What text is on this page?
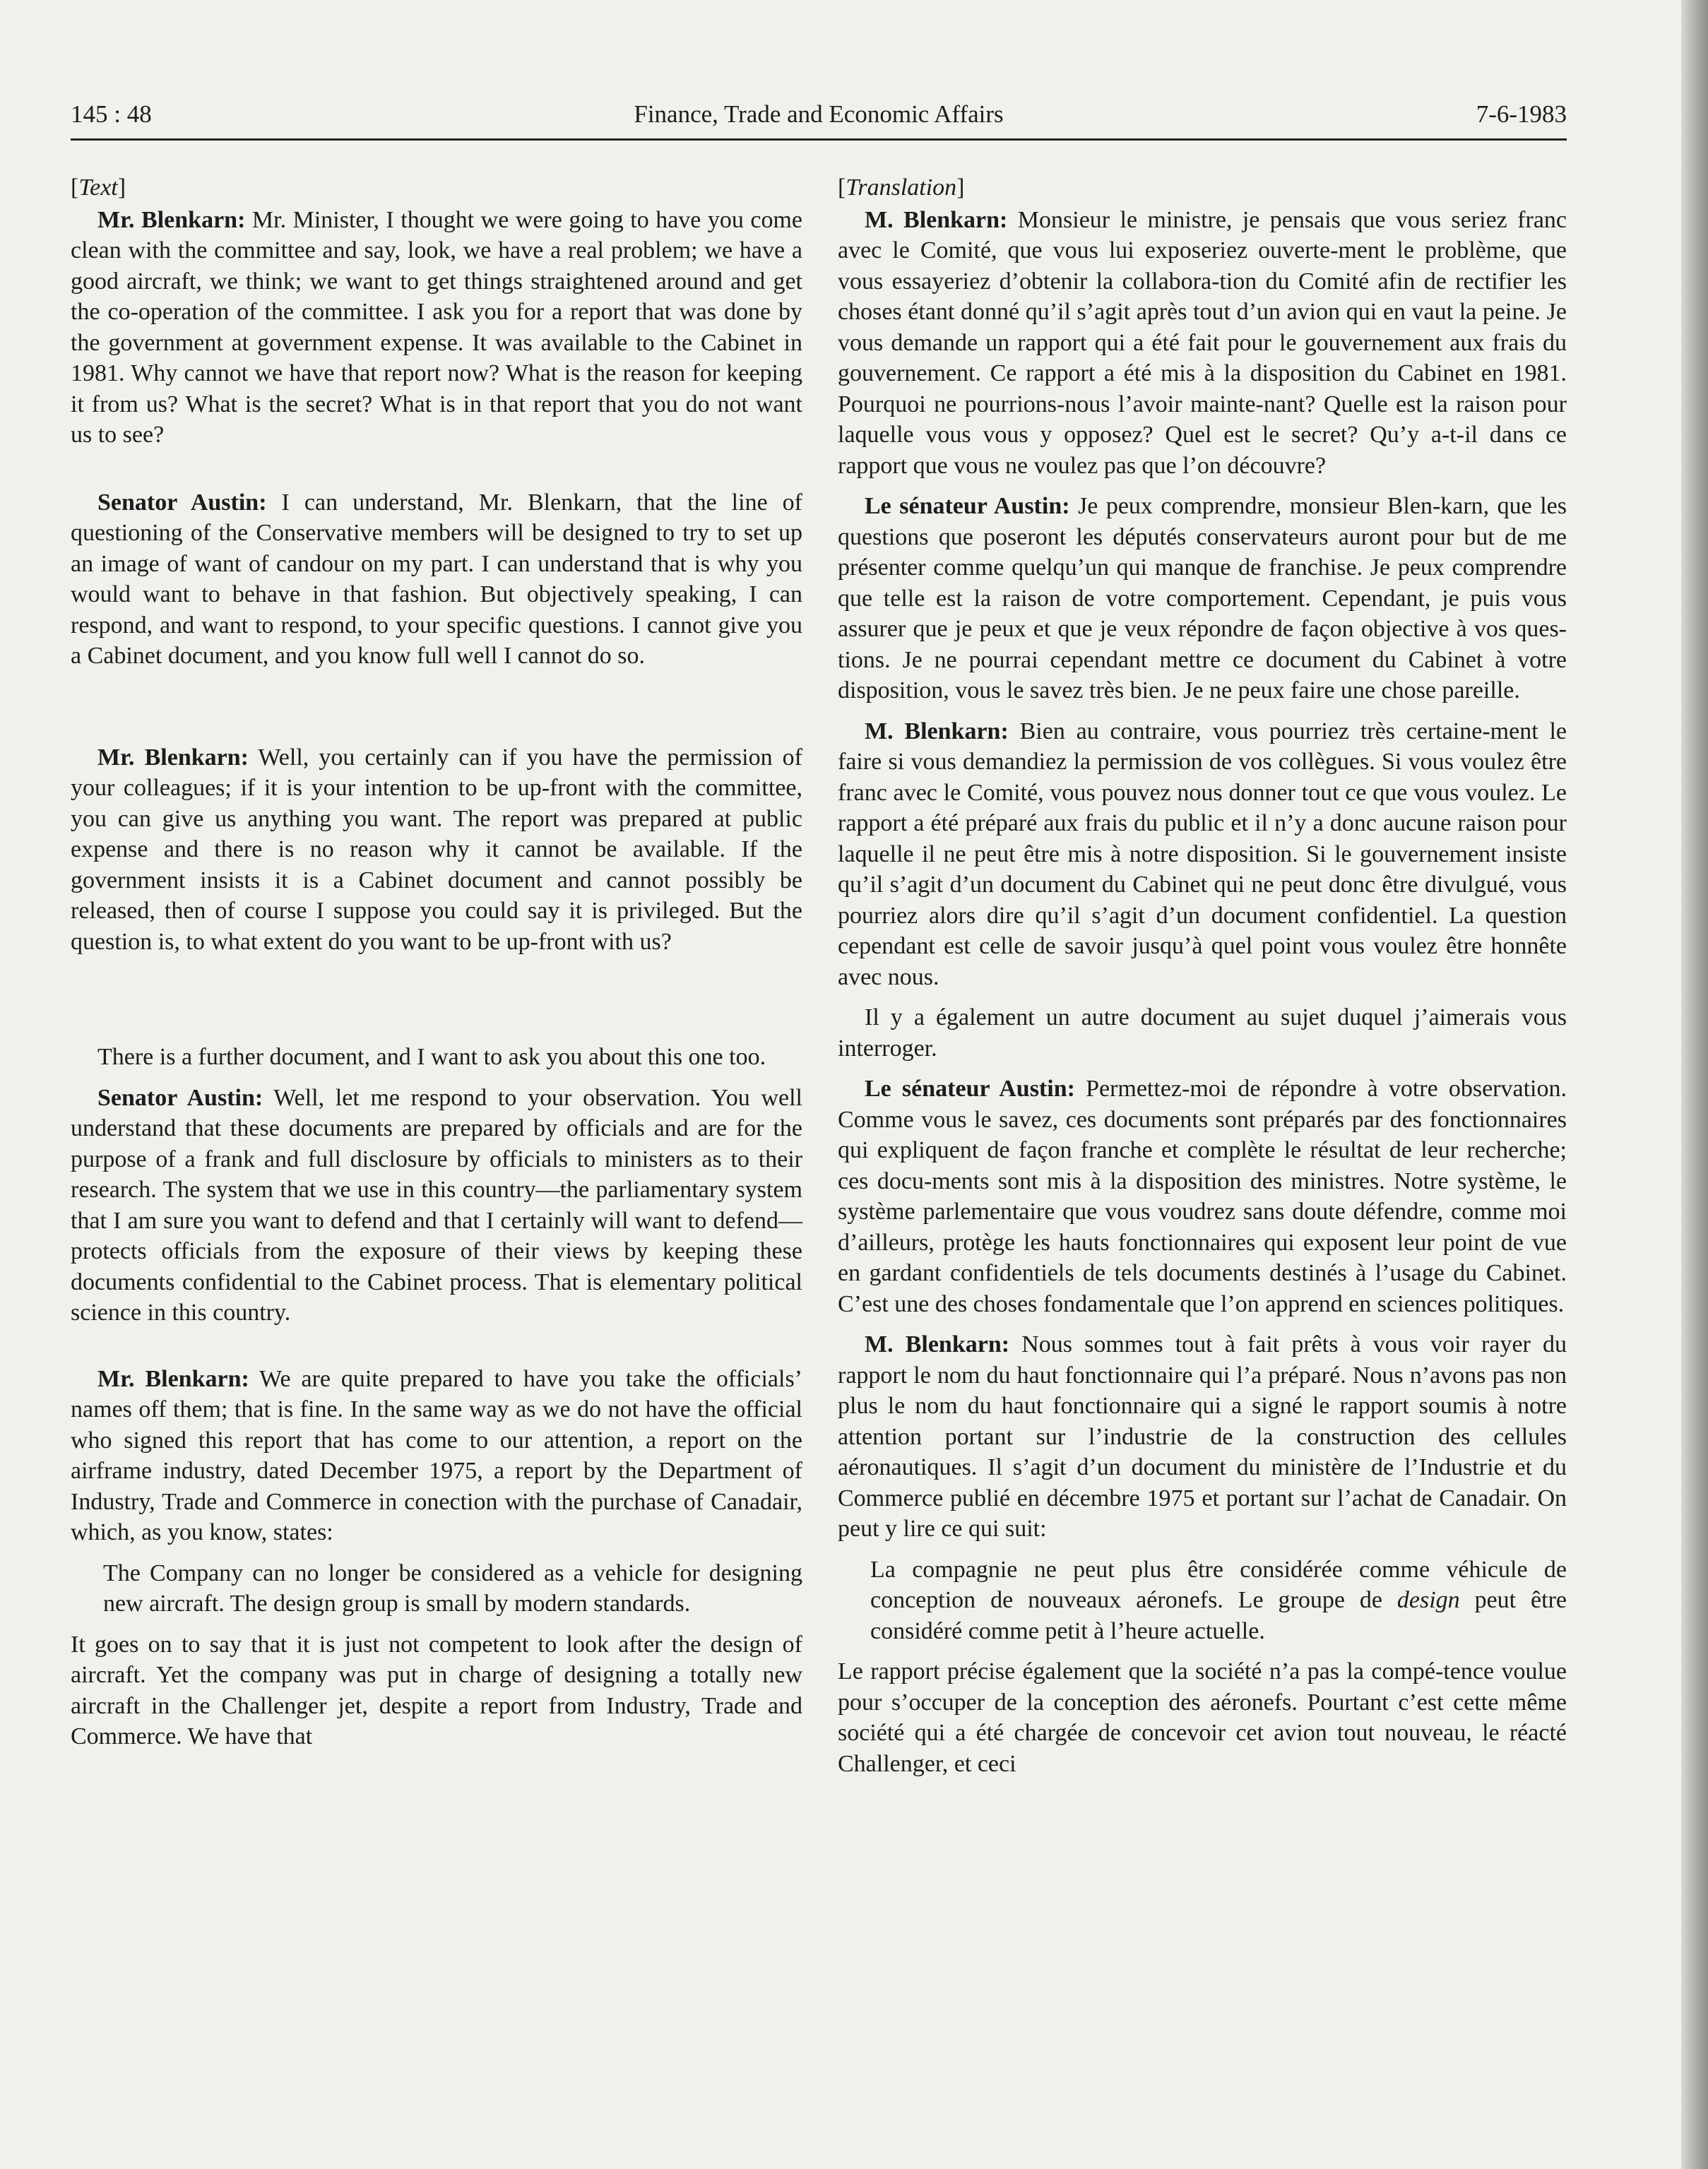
145 : 48	Finance, Trade and Economic Affairs	7-6-1983

[Text]

Mr. Blenkarn: Mr. Minister, I thought we were going to have you come clean with the committee and say, look, we have a real problem; we have a good aircraft, we think; we want to get things straightened around and get the co-operation of the committee. I ask you for a report that was done by the government at government expense. It was available to the Cabinet in 1981. Why cannot we have that report now? What is the reason for keeping it from us? What is the secret? What is in that report that you do not want us to see?

Senator Austin: I can understand, Mr. Blenkarn, that the line of questioning of the Conservative members will be designed to try to set up an image of want of candour on my part. I can understand that is why you would want to behave in that fashion. But objectively speaking, I can respond, and want to respond, to your specific questions. I cannot give you a Cabinet document, and you know full well I cannot do so.

Mr. Blenkarn: Well, you certainly can if you have the permission of your colleagues; if it is your intention to be up-front with the committee, you can give us anything you want. The report was prepared at public expense and there is no reason why it cannot be available. If the government insists it is a Cabinet document and cannot possibly be released, then of course I suppose you could say it is privileged. But the question is, to what extent do you want to be up-front with us?

There is a further document, and I want to ask you about this one too.

Senator Austin: Well, let me respond to your observation. You well understand that these documents are prepared by officials and are for the purpose of a frank and full disclosure by officials to ministers as to their research. The system that we use in this country—the parliamentary system that I am sure you want to defend and that I certainly will want to defend—protects officials from the exposure of their views by keeping these documents confidential to the Cabinet process. That is elementary political science in this country.

Mr. Blenkarn: We are quite prepared to have you take the officials’ names off them; that is fine. In the same way as we do not have the official who signed this report that has come to our attention, a report on the airframe industry, dated December 1975, a report by the Department of Industry, Trade and Commerce in conection with the purchase of Canadair, which, as you know, states:

The Company can no longer be considered as a vehicle for designing new aircraft. The design group is small by modern standards.

It goes on to say that it is just not competent to look after the design of aircraft. Yet the company was put in charge of designing a totally new aircraft in the Challenger jet, despite a report from Industry, Trade and Commerce. We have that

[Translation]

M. Blenkarn: Monsieur le ministre, je pensais que vous seriez franc avec le Comité, que vous lui exposeriez ouverte-ment le problème, que vous essayeriez d’obtenir la collabora-tion du Comité afin de rectifier les choses étant donné qu’il s’agit après tout d’un avion qui en vaut la peine. Je vous demande un rapport qui a été fait pour le gouvernement aux frais du gouvernement. Ce rapport a été mis à la disposition du Cabinet en 1981. Pourquoi ne pourrions-nous l’avoir mainte-nant? Quelle est la raison pour laquelle vous vous y opposez? Quel est le secret? Qu’y a-t-il dans ce rapport que vous ne voulez pas que l’on découvre?

Le sénateur Austin: Je peux comprendre, monsieur Blen-karn, que les questions que poseront les députés conservateurs auront pour but de me présenter comme quelqu’un qui manque de franchise. Je peux comprendre que telle est la raison de votre comportement. Cependant, je puis vous assurer que je peux et que je veux répondre de façon objective à vos ques-tions. Je ne pourrai cependant mettre ce document du Cabinet à votre disposition, vous le savez très bien. Je ne peux faire une chose pareille.

M. Blenkarn: Bien au contraire, vous pourriez très certaine-ment le faire si vous demandiez la permission de vos collègues. Si vous voulez être franc avec le Comité, vous pouvez nous donner tout ce que vous voulez. Le rapport a été préparé aux frais du public et il n’y a donc aucune raison pour laquelle il ne peut être mis à notre disposition. Si le gouvernement insiste qu’il s’agit d’un document du Cabinet qui ne peut donc être divulgué, vous pourriez alors dire qu’il s’agit d’un document confidentiel. La question cependant est celle de savoir jusqu’à quel point vous voulez être honnête avec nous.

Il y a également un autre document au sujet duquel j’aimerais vous interroger.

Le sénateur Austin: Permettez-moi de répondre à votre observation. Comme vous le savez, ces documents sont préparés par des fonctionnaires qui expliquent de façon franche et complète le résultat de leur recherche; ces docu-ments sont mis à la disposition des ministres. Notre système, le système parlementaire que vous voudrez sans doute défendre, comme moi d’ailleurs, protège les hauts fonctionnaires qui exposent leur point de vue en gardant confidentiels de tels documents destinés à l’usage du Cabinet. C’est une des choses fondamentale que l’on apprend en sciences politiques.

M. Blenkarn: Nous sommes tout à fait prêts à vous voir rayer du rapport le nom du haut fonctionnaire qui l’a préparé. Nous n’avons pas non plus le nom du haut fonctionnaire qui a signé le rapport soumis à notre attention portant sur l’industrie de la construction des cellules aéronautiques. Il s’agit d’un document du ministère de l’Industrie et du Commerce publié en décembre 1975 et portant sur l’achat de Canadair. On peut y lire ce qui suit:

La compagnie ne peut plus être considérée comme véhicule de conception de nouveaux aéronefs. Le groupe de design peut être considéré comme petit à l’heure actuelle.

Le rapport précise également que la société n’a pas la compé-tence voulue pour s’occuper de la conception des aéronefs. Pourtant c’est cette même société qui a été chargée de concevoir cet avion tout nouveau, le réacté Challenger, et ceci
